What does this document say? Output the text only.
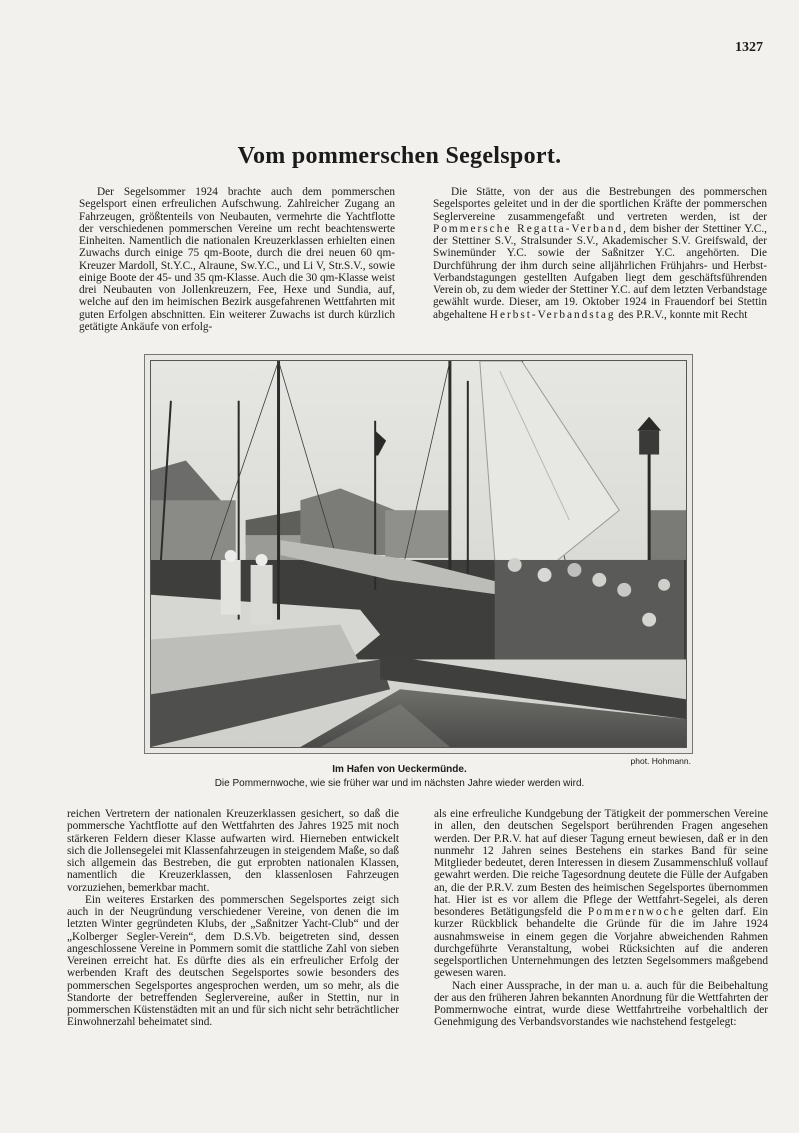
1327
Vom pommerschen Segelsport.

Der Segelsommer 1924 brachte auch dem pommerschen Segelsport einen erfreulichen Aufschwung. Zahlreicher Zugang an Fahrzeugen, größtenteils von Neubauten, vermehrte die Yachtflotte der verschiedenen pommerschen Vereine um recht beachtenswerte Einheiten. Namentlich die nationalen Kreuzerklassen erhielten einen Zuwachs durch einige 75 qm-Boote, durch die drei neuen 60 qm-Kreuzer Mardoll, St.Y.C., Alraune, Sw.Y.C., und Li V, Str.S.V., sowie einige Boote der 45- und 35 qm-Klasse. Auch die 30 qm-Klasse weist drei Neubauten von Jollenkreuzern, Fee, Hexe und Sundia, auf, welche auf den im heimischen Bezirk ausgefahrenen Wettfahrten mit guten Erfolgen abschnitten. Ein weiterer Zuwachs ist durch kürzlich getätigte Ankäufe von erfolg-

Die Stätte, von der aus die Bestrebungen des pommerschen Segelsportes geleitet und in der die sportlichen Kräfte der pommerschen Seglervereine zusammengefaßt und vertreten werden, ist der Pommersche Regatta-Verband, dem bisher der Stettiner Y.C., der Stettiner S.V., Stralsunder S.V., Akademischer S.V. Greifswald, der Swinemünder Y.C. sowie der Saßnitzer Y.C. angehörten. Die Durchführung der ihm durch seine alljährlichen Frühjahrs- und Herbst-Verbandstagungen gestellten Aufgaben liegt dem geschäftsführenden Verein ob, zu dem wieder der Stettiner Y.C. auf dem letzten Verbandstage gewählt wurde. Dieser, am 19. Oktober 1924 in Frauendorf bei Stettin abgehaltene Herbst-Verbandstag des P.R.V., konnte mit Recht

phot. Hohmann.
Im Hafen von Ueckermünde.
Die Pommernwoche, wie sie früher war und im nächsten Jahre wieder werden wird.

reichen Vertretern der nationalen Kreuzerklassen gesichert, so daß die pommersche Yachtflotte auf den Wettfahrten des Jahres 1925 mit noch stärkeren Feldern dieser Klasse aufwarten wird. Hierneben entwickelt sich die Jollensegelei mit Klassenfahrzeugen in steigendem Maße, so daß sich allgemein das Bestreben, die gut erprobten nationalen Klassen, namentlich die Kreuzerklassen, den klassenlosen Fahrzeugen vorzuziehen, bemerkbar macht.

Ein weiteres Erstarken des pommerschen Segelsportes zeigt sich auch in der Neugründung verschiedener Vereine, von denen die im letzten Winter gegründeten Klubs, der „Saßnitzer Yacht-Club“ und der „Kolberger Segler-Verein“, dem D.S.Vb. beigetreten sind, dessen angeschlossene Vereine in Pommern somit die stattliche Zahl von sieben Vereinen erreicht hat. Es dürfte dies als ein erfreulicher Erfolg der werbenden Kraft des deutschen Segelsportes sowie besonders des pommerschen Segelsportes angesprochen werden, um so mehr, als die Standorte der betreffenden Seglervereine, außer in Stettin, nur in pommerschen Küstenstädten mit an und für sich nicht sehr beträchtlicher Einwohnerzahl beheimatet sind.

als eine erfreuliche Kundgebung der Tätigkeit der pommerschen Vereine in allen, den deutschen Segelsport berührenden Fragen angesehen werden. Der P.R.V. hat auf dieser Tagung erneut bewiesen, daß er in den nunmehr 12 Jahren seines Bestehens ein starkes Band für seine Mitglieder bedeutet, deren Interessen in diesem Zusammenschluß vollauf gewahrt werden. Die reiche Tagesordnung deutete die Fülle der Aufgaben an, die der P.R.V. zum Besten des heimischen Segelsportes übernommen hat. Hier ist es vor allem die Pflege der Wettfahrt-Segelei, als deren besonderes Betätigungsfeld die Pommernwoche gelten darf. Ein kurzer Rückblick behandelte die Gründe für die im Jahre 1924 ausnahmsweise in einem gegen die Vorjahre abweichenden Rahmen durchgeführte Veranstaltung, wobei Rücksichten auf die anderen segelsportlichen Unternehmungen des letzten Segelsommers maßgebend gewesen waren.

Nach einer Aussprache, in der man u. a. auch für die Beibehaltung der aus den früheren Jahren bekannten Anordnung für die Wettfahrten der Pommernwoche eintrat, wurde diese Wettfahrtreihe vorbehaltlich der Genehmigung des Verbandsvorstandes wie nachstehend festgelegt:
